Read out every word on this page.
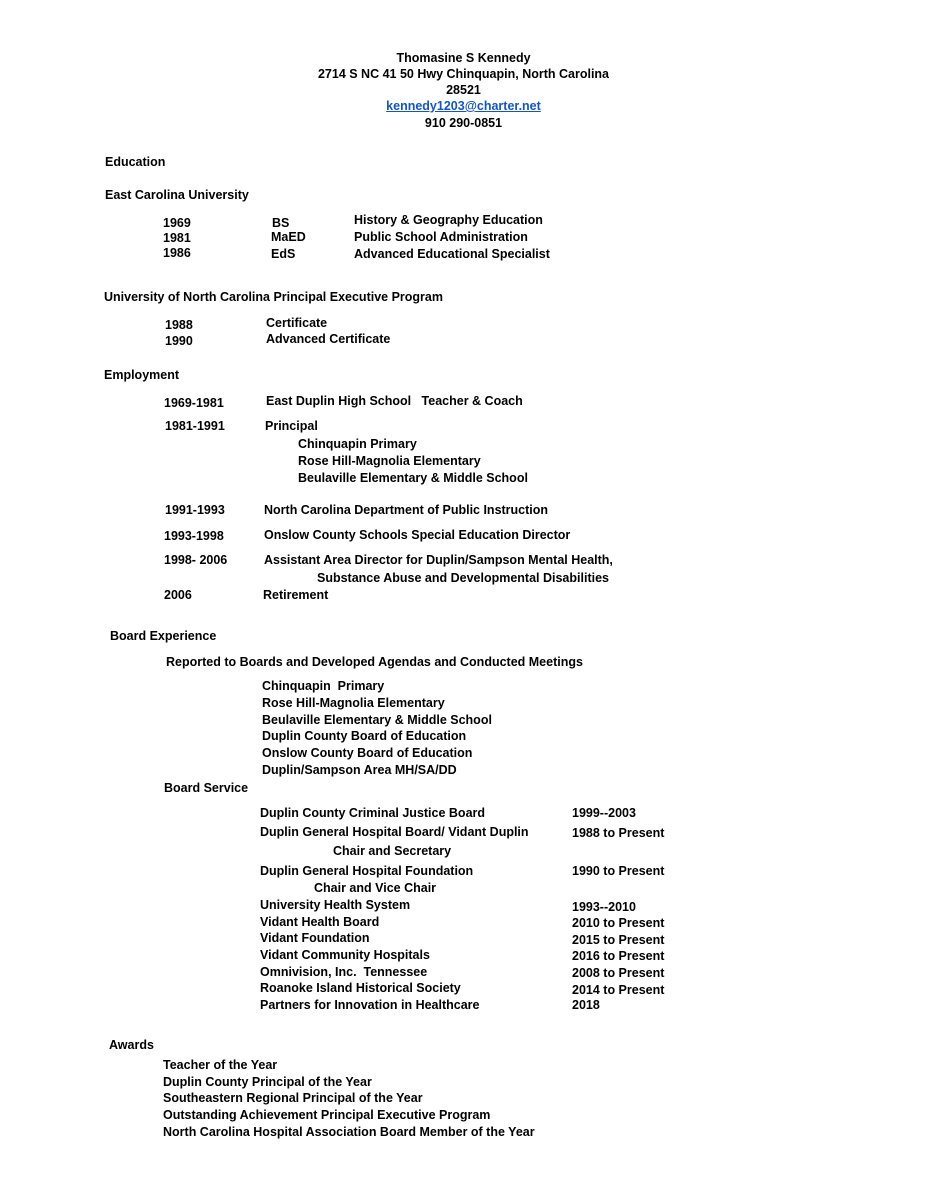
Thomasine S Kennedy
2714 S NC 41 50 Hwy Chinquapin, North Carolina
28521
kennedy1203@charter.net
910 290-0851
Education
East Carolina University
1969	BS	History & Geography Education
1981	MaED	Public School Administration
1986	EdS	Advanced Educational Specialist
University of North Carolina Principal Executive Program
1988	Certificate
1990	Advanced Certificate
Employment
1969-1981	East Duplin High School   Teacher & Coach
1981-1991	Principal
Chinquapin Primary
Rose Hill-Magnolia Elementary
Beulaville Elementary & Middle School
1991-1993	North Carolina Department of Public Instruction
1993-1998	Onslow County Schools Special Education Director
1998- 2006	Assistant Area Director for Duplin/Sampson Mental Health,
Substance Abuse and Developmental Disabilities
2006	Retirement
Board Experience
Reported to Boards and Developed Agendas and Conducted Meetings
Chinquapin  Primary
Rose Hill-Magnolia Elementary
Beulaville Elementary & Middle School
Duplin County Board of Education
Onslow County Board of Education
Duplin/Sampson Area MH/SA/DD
Board Service
Duplin County Criminal Justice Board	1999--2003
Duplin General Hospital Board/ Vidant Duplin	1988 to Present
Chair and Secretary
Duplin General Hospital Foundation	1990 to Present
Chair and Vice Chair
University Health System	1993--2010
Vidant Health Board	2010 to Present
Vidant Foundation	2015 to Present
Vidant Community Hospitals	2016 to Present
Omnivision, Inc.  Tennessee	2008 to Present
Roanoke Island Historical Society	2014 to Present
Partners for Innovation in Healthcare	2018
Awards
Teacher of the Year
Duplin County Principal of the Year
Southeastern Regional Principal of the Year
Outstanding Achievement Principal Executive Program
North Carolina Hospital Association Board Member of the Year
